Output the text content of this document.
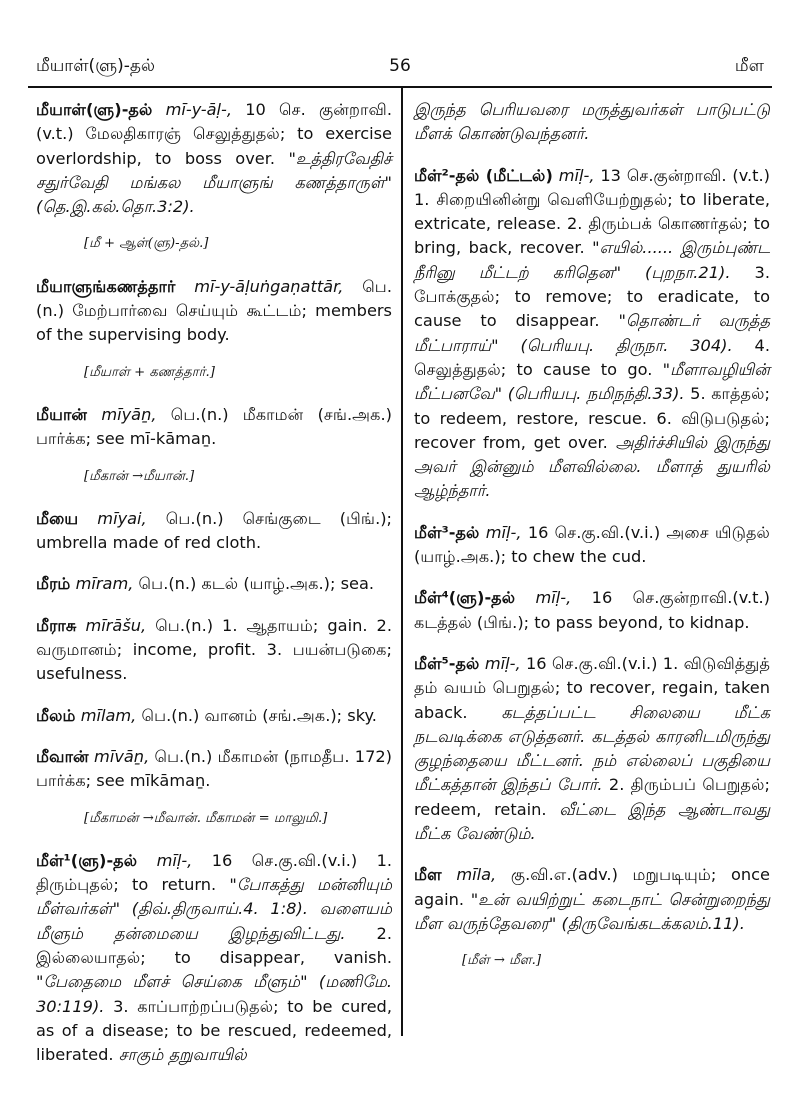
மீயாள்(ளு)-தல்	56	மீள
மீயாள்(ளு)-தல் mī-y-āḷ-, 10 செ. குன்றாவி. (v.t.) மேலதிகாரஞ் செலுத்துதல்; to exercise overlordship, to boss over. "உத்திரவேதிச் சதுர்வேதி மங்கல மீயாளுங் கணத்தாருள்" (தெ.இ.கல்.தொ.3:2).
[மீ + ஆள்(ளு)-தல்.]
மீயாளுங்கணத்தார் mī-y-āḷuṅgaṇattār, பெ.(n.) மேற்பார்வை செய்யும் கூட்டம்; members of the supervising body.
[மீயாள் + கணத்தார்.]
மீயான் mīyāṉ, பெ.(n.) மீகாமன் (சங்.அக.) பார்க்க; see mī-kāmaṉ.
[மீகான் →மீயான்.]
மீயை mīyai, பெ.(n.) செங்குடை (பிங்.); umbrella made of red cloth.
மீரம் mīram, பெ.(n.) கடல் (யாழ்.அக.); sea.
மீராசு mīrāšu, பெ.(n.) 1. ஆதாயம்; gain. 2. வருமானம்; income, profit. 3. பயன்படுகை; usefulness.
மீலம் mīlam, பெ.(n.) வானம் (சங்.அக.); sky.
மீவான் mīvāṉ, பெ.(n.) மீகாமன் (நாமதீப. 172) பார்க்க; see mīkāmaṉ.
[மீகாமன் →மீவான். மீகாமன் = மாலுமி.]
மீள்¹(ளு)-தல் mīḷ-, 16 செ.கு.வி.(v.i.) 1. திரும்புதல்; to return. "போகத்து மன்னியும் மீள்வர்கள்" (திவ்.திருவாய்.4. 1:8). வளையம் மீளும் தன்மையை இழந்துவிட்டது. 2. இல்லையாதல்; to disappear, vanish. "பேதைமை மீளச் செய்கை மீளும்" (மணிமே. 30:119). 3. காப்பாற்றப்படுதல்; to be cured, as of a disease; to be rescued, redeemed, liberated. சாகும் தறுவாயில்
இருந்த பெரியவரை மருத்துவர்கள் பாடுபட்டு மீளக் கொண்டுவந்தனர்.
மீள்²-தல் (மீட்டல்) mīḷ-, 13 செ.குன்றாவி. (v.t.) 1. சிறையினின்று வெளியேற்றுதல்; to liberate, extricate, release. 2. திரும்பக் கொணர்தல்; to bring, back, recover. "எயில்...... இரும்புண்ட நீரினு மீட்டற் கரிதென" (புறநா.21). 3. போக்குதல்; to remove; to eradicate, to cause to disappear. "தொண்டர் வருத்த மீட்பாராய்" (பெரியபு. திருநா. 304). 4. செலுத்துதல்; to cause to go. "மீளாவழியின் மீட்பனவே" (பெரியபு. நமிநந்தி.33). 5. காத்தல்; to redeem, restore, rescue. 6. விடுபடுதல்; recover from, get over. அதிர்ச்சியில் இருந்து அவர் இன்னும் மீளவில்லை. மீளாத் துயரில் ஆழ்ந்தார்.
மீள்³-தல் mīḷ-, 16 செ.கு.வி.(v.i.) அசை யிடுதல் (யாழ்.அக.); to chew the cud.
மீள்⁴(ளு)-தல் mīḷ-, 16 செ.குன்றாவி.(v.t.) கடத்தல் (பிங்.); to pass beyond, to kidnap.
மீள்⁵-தல் mīḷ-, 16 செ.கு.வி.(v.i.) 1. விடுவித்துத் தம் வயம் பெறுதல்; to recover, regain, taken aback. கடத்தப்பட்ட சிலையை மீட்க நடவடிக்கை எடுத்தனர். கடத்தல் காரனிடமிருந்து குழந்தையை மீட்டனர். நம் எல்லைப் பகுதியை மீட்கத்தான் இந்தப் போர். 2. திரும்பப் பெறுதல்; redeem, retain. வீட்டை இந்த ஆண்டாவது மீட்க வேண்டும்.
மீள mīla, கு.வி.எ.(adv.) மறுபடியும்; once again. "உன் வயிற்றுட் கடைநாட் சென்றுறைந்து மீள வருந்தேவரை" (திருவேங்கடக்கலம்.11).
[மீள் → மீள.]
